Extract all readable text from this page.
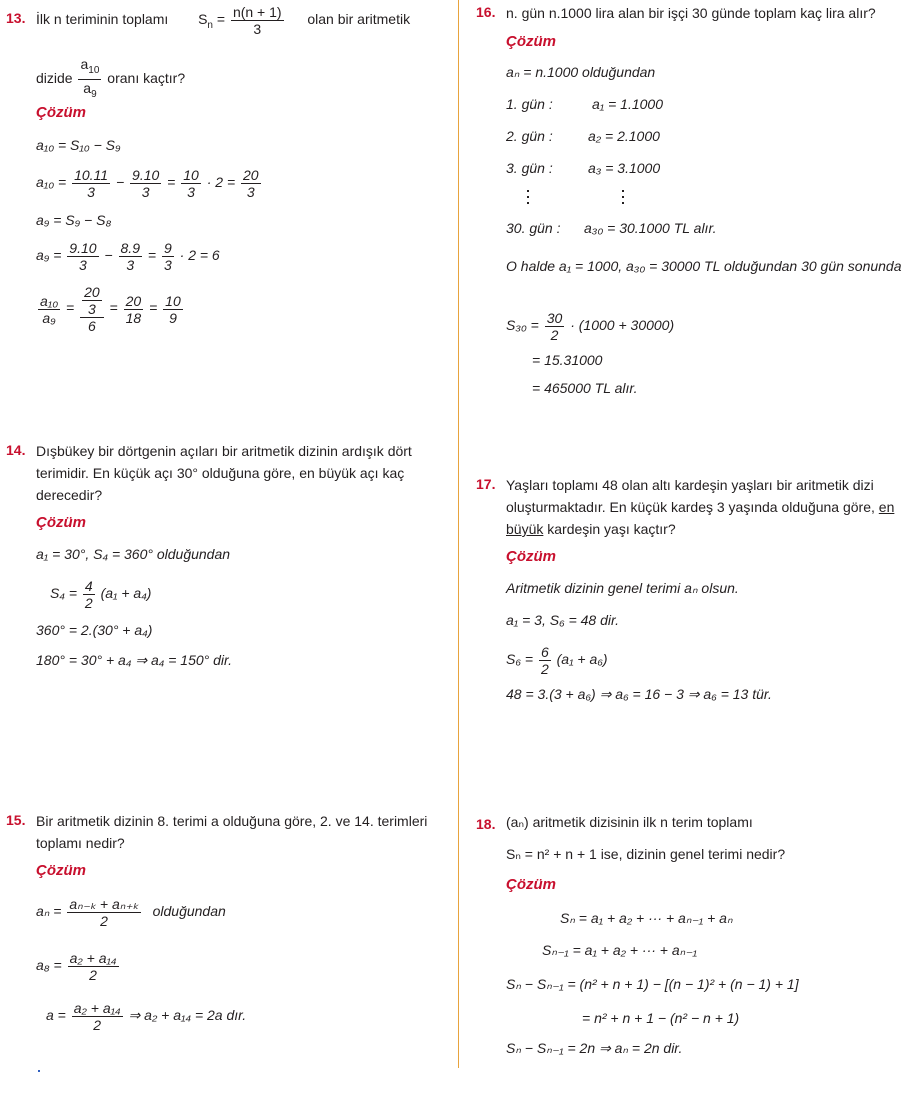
13. İlk n teriminin toplamı $S_n = \frac{n(n + 1)}{3}$ olan bir aritmetik
dizide $\frac{a_{10}}{a_9}$ oranı kaçtır?
Çözüm
a₁₀ = S₁₀ − S₉
$a_{10} = \frac{10.11}{3} - \frac{9.10}{3} = \frac{10}{3} \cdot 2 = \frac{20}{3}$
a₉ = S₉ − S₈
$a_9 = \frac{9.10}{3} - \frac{8.9}{3} = \frac{9}{3} \cdot 2 = 6$
$\frac{\text{a₁₀}}{\text{a₉}} = \frac{\frac{20}{3}}{6} = \frac{20}{18} = \frac{10}{9}$
14. Dışbükey bir dörtgenin açıları bir aritmetik dizinin ardışık dört terimidir. En küçük açı 30° olduğuna göre, en büyük açı kaç derecedir?
Çözüm
a₁ = 30°, S₄ = 360° olduğundan
$S_4 = \frac{4}{2} (a_1 + a_4)$
360° = 2.(30° + a₄)
180° = 30° + a₄ ⇒ a₄ = 150° dir.
15. Bir aritmetik dizinin 8. terimi a olduğuna göre, 2. ve 14. terimleri toplamı nedir?
Çözüm
$a_n = \frac{\text{aₙ₋ₖ + aₙ₊ₖ}}{2}$ olduğundan
$a_8 = \frac{\text{a₂ + a₁₄}}{2}$
$a = \frac{\text{a₂ + a₁₄}}{2}$ ⇒ a₂ + a₁₄ = 2a dır.
16. n. gün n.1000 lira alan bir işçi 30 günde toplam kaç lira alır?
Çözüm
aₙ = n.1000 olduğundan
1. gün :	a₁ = 1.1000
2. gün :	a₂ = 2.1000
3. gün :	a₃ = 3.1000
30. gün : a₃₀ = 30.1000 TL alır.
O halde a₁ = 1000, a₃₀ = 30000 TL olduğundan 30 gün sonunda
$S_{30} = \frac{30}{2} \cdot (1000 + 30000)$
= 15.31000
= 465000 TL alır.
17. Yaşları toplamı 48 olan altı kardeşin yaşları bir aritmetik dizi oluşturmaktadır. En küçük kardeş 3 yaşında olduğuna göre, en büyük kardeşin yaşı kaçtır?
Çözüm
Aritmetik dizinin genel terimi aₙ olsun.
a₁ = 3, S₆ = 48 dir.
$S_6 = \frac{6}{2} (a_1 + a_6)$
48 = 3.(3 + a₆) ⇒ a₆ = 16 − 3 ⇒ a₆ = 13 tür.
18. (aₙ) aritmetik dizisinin ilk n terim toplamı
Sₙ = n² + n + 1 ise, dizinin genel terimi nedir?
Çözüm
Sₙ = a₁ + a₂ + ··· + aₙ₋₁ + aₙ
Sₙ₋₁ = a₁ + a₂ + ··· + aₙ₋₁
Sₙ − Sₙ₋₁ = (n² + n + 1) − [(n − 1)² + (n − 1) + 1]
= n² + n + 1 − (n² − n + 1)
Sₙ − Sₙ₋₁ = 2n ⇒ aₙ = 2n dir.
